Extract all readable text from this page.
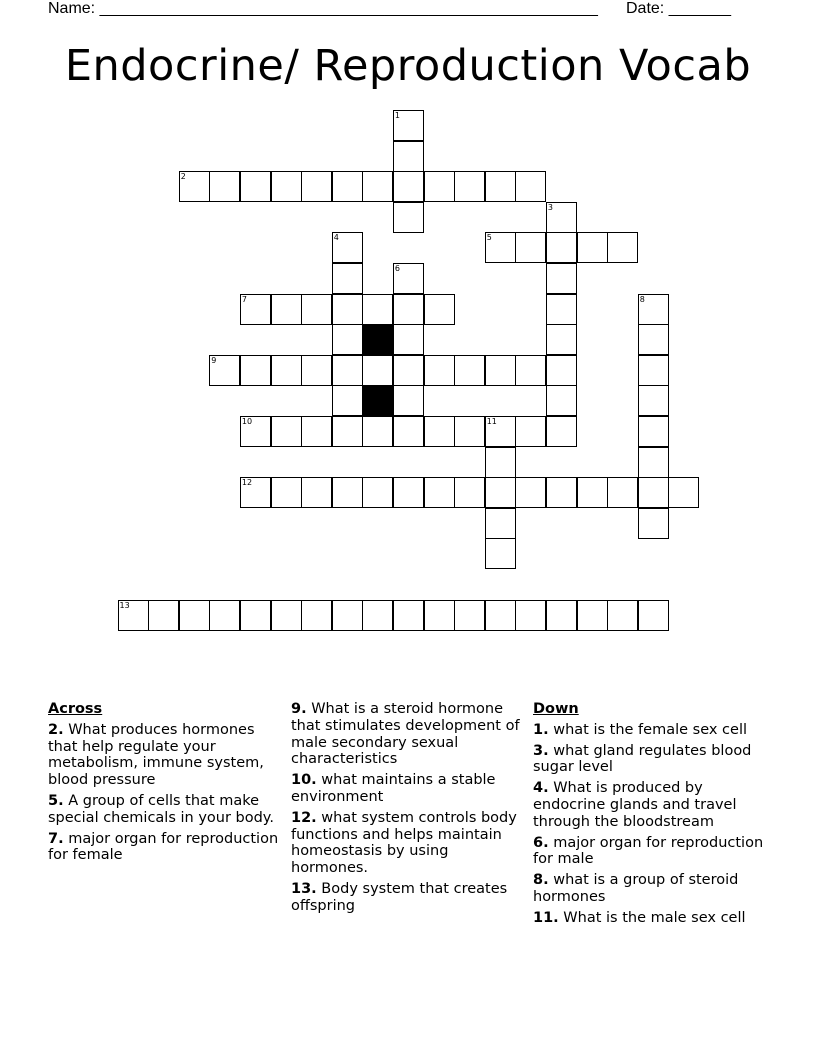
Name: ________________________________________________________ Date: _______
Endocrine/ Reproduction Vocab
2
5
7
9
10	11
12
13
1
3
4
6
8
Across
2. What produces hormones that help regulate your metabolism, immune system, blood pressure
5. A group of cells that make special chemicals in your body.
7. major organ for reproduction for female
9. What is a steroid hormone that stimulates development of male secondary sexual characteristics
10. what maintains a stable environment
12. what system controls body functions and helps maintain homeostasis by using hormones.
13. Body system that creates offspring
Down
1. what is the female sex cell
3. what gland regulates blood sugar level
4. What is produced by endocrine glands and travel through the bloodstream
6. major organ for reproduction for male
8. what is a group of steroid hormones
11. What is the male sex cell
